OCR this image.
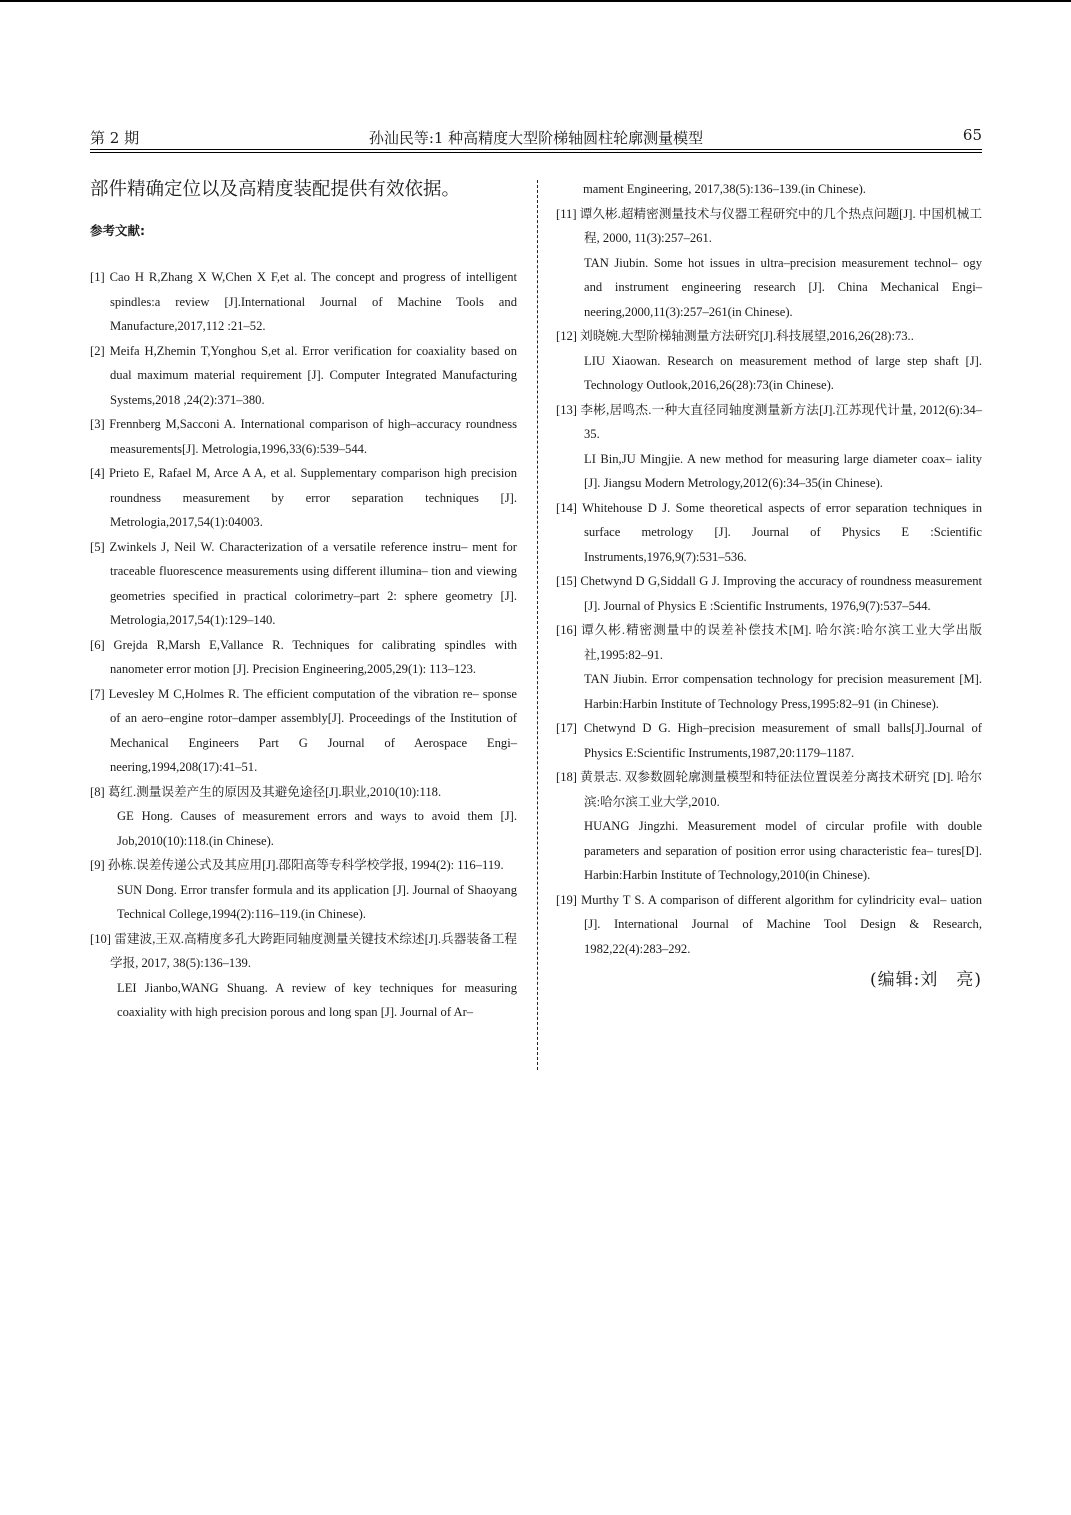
第 2 期	孙汕民等:1 种高精度大型阶梯轴圆柱轮廓测量模型	65

部件精确定位以及高精度装配提供有效依据。

参考文献:

[1] Cao H R,Zhang X W,Chen X F,et al. The concept and progress of intelligent spindles:a review [J].International Journal of Machine Tools and Manufacture,2017,112 :21–52.
[2] Meifa H,Zhemin T,Yonghou S,et al. Error verification for coaxiality based on dual maximum material requirement [J]. Computer Integrated Manufacturing Systems,2018 ,24(2):371–380.
[3] Frennberg M,Sacconi A. International comparison of high–accuracy roundness measurements[J]. Metrologia,1996,33(6):539–544.
[4] Prieto E, Rafael M, Arce A A, et al. Supplementary comparison high precision roundness measurement by error separation techniques [J]. Metrologia,2017,54(1):04003.
[5] Zwinkels J, Neil W. Characterization of a versatile reference instru– ment for traceable fluorescence measurements using different illumina– tion and viewing geometries specified in practical colorimetry–part 2: sphere geometry [J]. Metrologia,2017,54(1):129–140.
[6] Grejda R,Marsh E,Vallance R. Techniques for calibrating spindles with nanometer error motion [J]. Precision Engineering,2005,29(1): 113–123.
[7] Levesley M C,Holmes R. The efficient computation of the vibration re– sponse of an aero–engine rotor–damper assembly[J]. Proceedings of the Institution of Mechanical Engineers Part G Journal of Aerospace Engi– neering,1994,208(17):41–51.
[8] 葛红.测量误差产生的原因及其避免途径[J].职业,2010(10):118.
GE Hong. Causes of measurement errors and ways to avoid them [J]. Job,2010(10):118.(in Chinese).
[9] 孙栋.误差传递公式及其应用[J].邵阳高等专科学校学报, 1994(2): 116–119.
SUN Dong. Error transfer formula and its application [J]. Journal of Shaoyang Technical College,1994(2):116–119.(in Chinese).
[10] 雷建波,王双.高精度多孔大跨距同轴度测量关键技术综述[J].兵器装备工程学报, 2017, 38(5):136–139.
LEI Jianbo,WANG Shuang. A review of key techniques for measuring coaxiality with high precision porous and long span [J]. Journal of Ar–
mament Engineering, 2017,38(5):136–139.(in Chinese).
[11] 谭久彬.超精密测量技术与仪器工程研究中的几个热点问题[J]. 中国机械工程, 2000, 11(3):257–261.
TAN Jiubin. Some hot issues in ultra–precision measurement technol– ogy and instrument engineering research [J]. China Mechanical Engi– neering,2000,11(3):257–261(in Chinese).
[12] 刘晓婉.大型阶梯轴测量方法研究[J].科技展望,2016,26(28):73..
LIU Xiaowan. Research on measurement method of large step shaft [J]. Technology Outlook,2016,26(28):73(in Chinese).
[13] 李彬,居鸣杰.一种大直径同轴度测量新方法[J].江苏现代计量, 2012(6):34–35.
LI Bin,JU Mingjie. A new method for measuring large diameter coax– iality [J]. Jiangsu Modern Metrology,2012(6):34–35(in Chinese).
[14] Whitehouse D J. Some theoretical aspects of error separation techniques in surface metrology [J]. Journal of Physics E :Scientific Instruments,1976,9(7):531–536.
[15] Chetwynd D G,Siddall G J. Improving the accuracy of roundness measurement [J]. Journal of Physics E :Scientific Instruments, 1976,9(7):537–544.
[16] 谭久彬.精密测量中的误差补偿技术[M]. 哈尔滨:哈尔滨工业大学出版社,1995:82–91.
TAN Jiubin. Error compensation technology for precision measurement [M]. Harbin:Harbin Institute of Technology Press,1995:82–91 (in Chinese).
[17] Chetwynd D G. High–precision measurement of small balls[J].Journal of Physics E:Scientific Instruments,1987,20:1179–1187.
[18] 黄景志. 双参数圆轮廓测量模型和特征法位置误差分离技术研究 [D]. 哈尔滨:哈尔滨工业大学,2010.
HUANG Jingzhi. Measurement model of circular profile with double parameters and separation of position error using characteristic fea– tures[D]. Harbin:Harbin Institute of Technology,2010(in Chinese).
[19] Murthy T S. A comparison of different algorithm for cylindricity eval– uation [J]. International Journal of Machine Tool Design & Research, 1982,22(4):283–292.
(编辑:刘　亮)
